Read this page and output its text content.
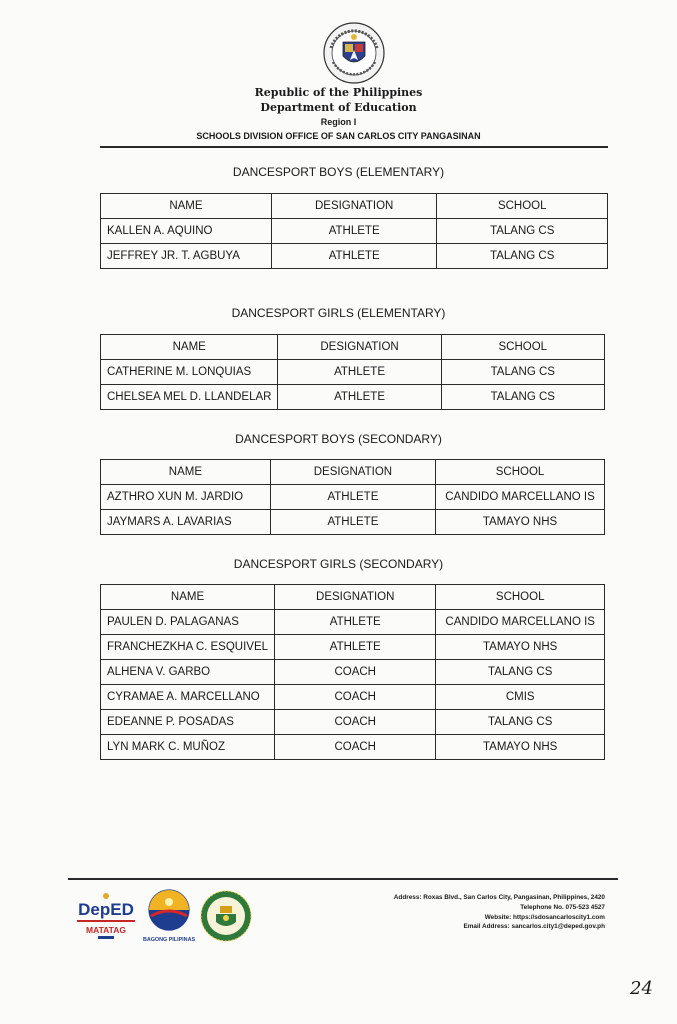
Republic of the Philippines
Department of Education
Region I
SCHOOLS DIVISION OFFICE OF SAN CARLOS CITY PANGASINAN
DANCESPORT BOYS (ELEMENTARY)
NAME	DESIGNATION	SCHOOL
KALLEN A. AQUINO	ATHLETE	TALANG CS
JEFFREY JR. T. AGBUYA	ATHLETE	TALANG CS
DANCESPORT GIRLS (ELEMENTARY)
NAME	DESIGNATION	SCHOOL
CATHERINE M. LONQUIAS	ATHLETE	TALANG CS
CHELSEA MEL D. LLANDELAR	ATHLETE	TALANG CS
DANCESPORT BOYS (SECONDARY)
NAME	DESIGNATION	SCHOOL
AZTHRO XUN M. JARDIO	ATHLETE	CANDIDO MARCELLANO IS
JAYMARS A. LAVARIAS	ATHLETE	TAMAYO NHS
DANCESPORT GIRLS (SECONDARY)
NAME	DESIGNATION	SCHOOL
PAULEN D. PALAGANAS	ATHLETE	CANDIDO MARCELLANO IS
FRANCHEZKHA C. ESQUIVEL	ATHLETE	TAMAYO NHS
ALHENA V. GARBO	COACH	TALANG CS
CYRAMAE A. MARCELLANO	COACH	CMIS
EDEANNE P. POSADAS	COACH	TALANG CS
LYN MARK C. MUÑOZ	COACH	TAMAYO NHS
DepED
MATATAG
BAGONG PILIPINAS
Address: Roxas Blvd., San Carlos City, Pangasinan, Philippines, 2420
Telephone No. 075-523 4527
Website: https://sdosancarloscity1.com
Email Address: sancarlos.city1@deped.gov.ph
24
